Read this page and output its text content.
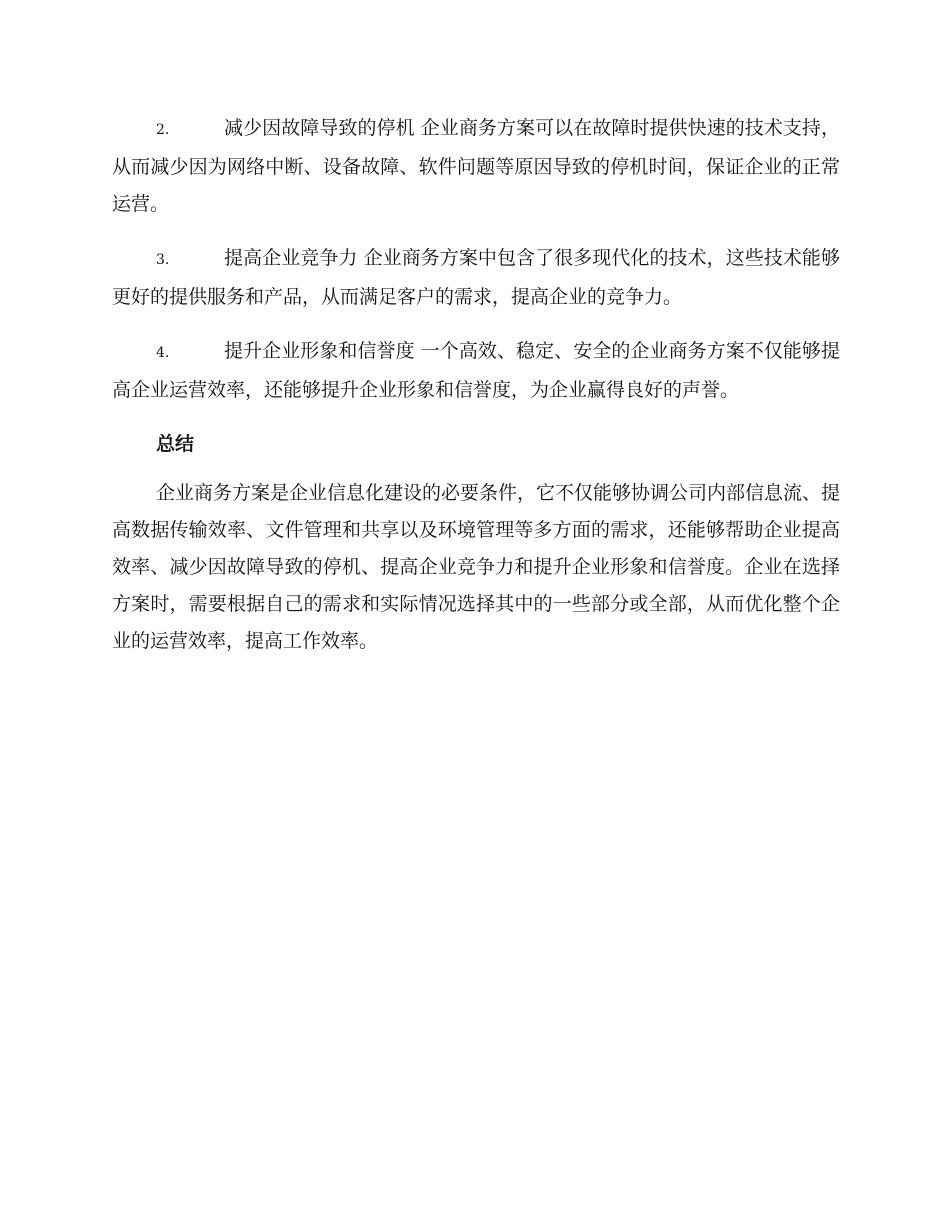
2.	减少因故障导致的停机 企业商务方案可以在故障时提供快速的技术支持，从而减少因为网络中断、设备故障、软件问题等原因导致的停机时间，保证企业的正常运营。

3.	提高企业竞争力 企业商务方案中包含了很多现代化的技术，这些技术能够更好的提供服务和产品，从而满足客户的需求，提高企业的竞争力。

4.	提升企业形象和信誉度 一个高效、稳定、安全的企业商务方案不仅能够提高企业运营效率，还能够提升企业形象和信誉度，为企业赢得良好的声誉。

总结

企业商务方案是企业信息化建设的必要条件，它不仅能够协调公司内部信息流、提高数据传输效率、文件管理和共享以及环境管理等多方面的需求，还能够帮助企业提高效率、减少因故障导致的停机、提高企业竞争力和提升企业形象和信誉度。企业在选择方案时，需要根据自己的需求和实际情况选择其中的一些部分或全部，从而优化整个企业的运营效率，提高工作效率。
